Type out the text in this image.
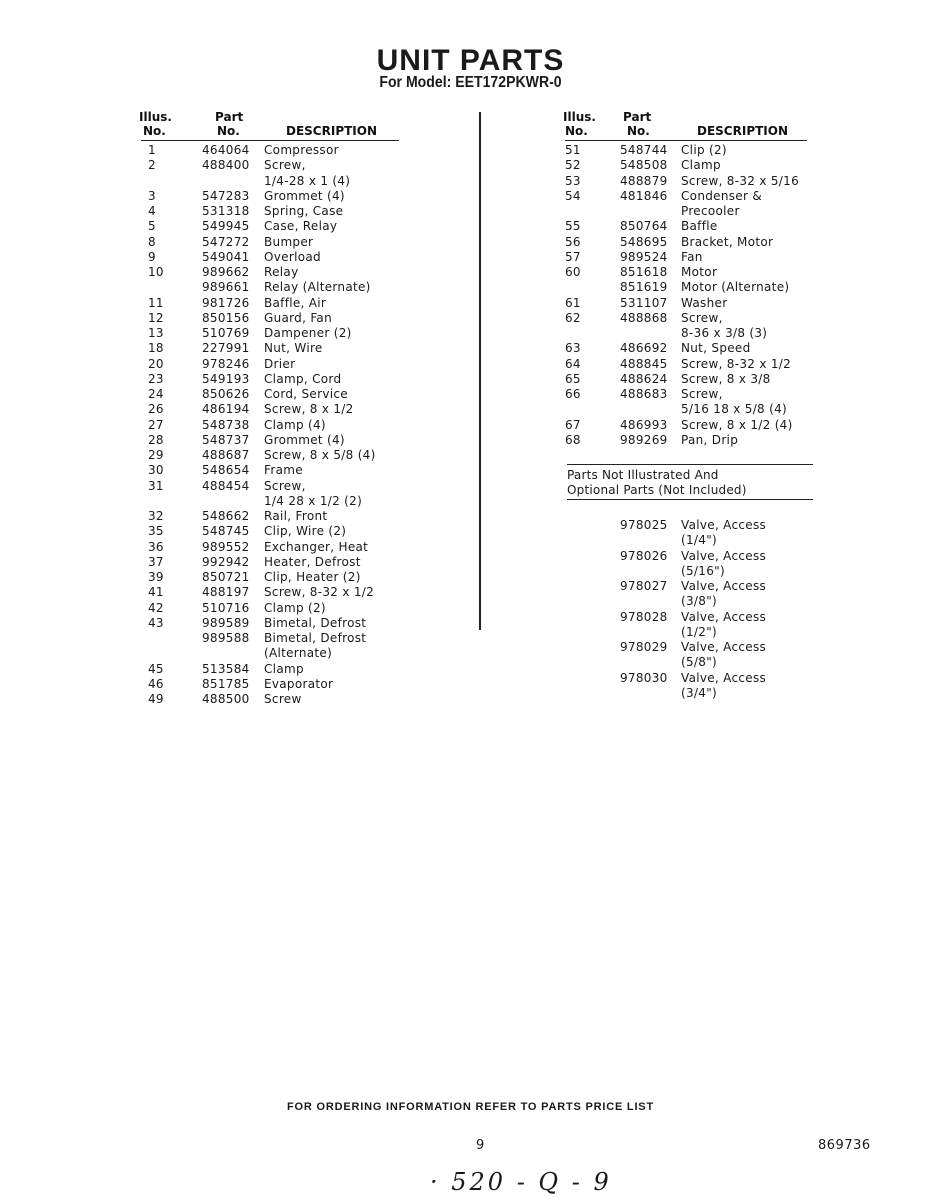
UNIT PARTS
For Model: EET172PKWR-0
Illus.
No.
Part
No.	DESCRIPTION
Illus.
No.
Part
No.	DESCRIPTION
1	464064 Compressor
2	488400 Screw,
1/4-28 x 1 (4)
3	547283 Grommet (4)
4	531318 Spring, Case
5	549945 Case, Relay
8	547272 Bumper
9	549041 Overload
10	989662 Relay
989661 Relay (Alternate)
11	981726 Baffle, Air
12	850156 Guard, Fan
13	510769 Dampener (2)
18	227991 Nut, Wire
20	978246 Drier
23	549193 Clamp, Cord
24	850626 Cord, Service
26	486194 Screw, 8 x 1/2
27	548738 Clamp (4)
28	548737 Grommet (4)
29	488687 Screw, 8 x 5/8 (4)
30	548654 Frame
31	488454 Screw,
1/4 28 x 1/2 (2)
32	548662 Rail, Front
35	548745 Clip, Wire (2)
36	989552 Exchanger, Heat
37	992942 Heater, Defrost
39	850721 Clip, Heater (2)
41	488197 Screw, 8-32 x 1/2
42	510716 Clamp (2)
43	989589 Bimetal, Defrost
989588 Bimetal, Defrost
(Alternate)
45	513584 Clamp
46	851785 Evaporator
49	488500 Screw
51	548744 Clip (2)
52	548508 Clamp
53	488879 Screw, 8-32 x 5/16
54	481846 Condenser &
Precooler
55	850764 Baffle
56	548695 Bracket, Motor
57	989524 Fan
60	851618 Motor
851619 Motor (Alternate)
61	531107 Washer
62	488868 Screw,
8-36 x 3/8 (3)
63	486692 Nut, Speed
64	488845 Screw, 8-32 x 1/2
65	488624 Screw, 8 x 3/8
66	488683 Screw,
5/16 18 x 5/8 (4)
67	486993 Screw, 8 x 1/2 (4)
68	989269 Pan, Drip
Parts Not Illustrated And
Optional Parts (Not Included)
978025 Valve, Access
(1/4")
978026 Valve, Access
(5/16")
978027 Valve, Access
(3/8")
978028 Valve, Access
(1/2")
978029 Valve, Access
(5/8")
978030 Valve, Access
(3/4")
FOR ORDERING INFORMATION REFER TO PARTS PRICE LIST
9	869736
· 520 - Q - 9
